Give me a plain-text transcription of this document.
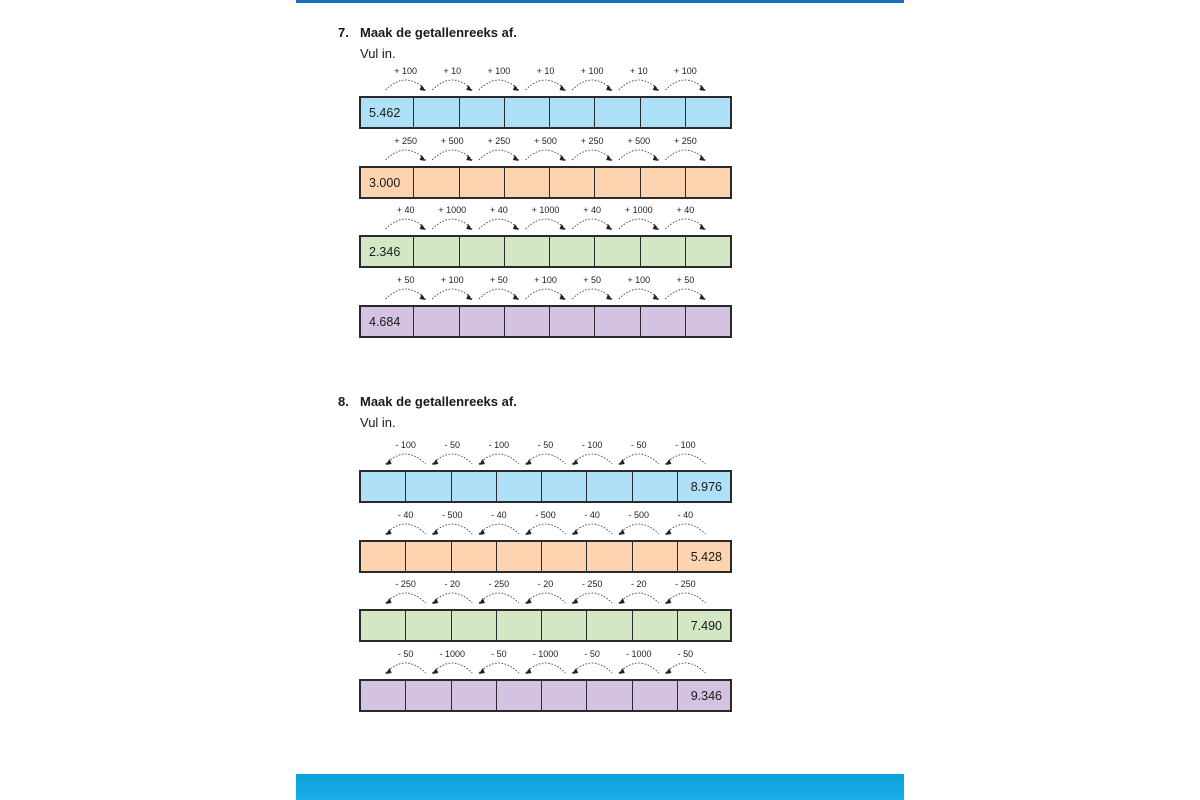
7. Maak de getallenreeks af.
Vul in.
+ 100	+ 10	+ 100	+ 10	+ 100	+ 10	+ 100
5.462
+ 250	+ 500	+ 250	+ 500	+ 250	+ 500	+ 250
3.000
+ 40	+ 1000	+ 40	+ 1000	+ 40	+ 1000	+ 40
2.346
+ 50	+ 100	+ 50	+ 100	+ 50	+ 100	+ 50
4.684
8. Maak de getallenreeks af.
Vul in.
- 100	- 50	- 100	- 50	- 100	- 50	- 100
8.976
- 40	- 500	- 40	- 500	- 40	- 500	- 40
5.428
- 250	- 20	- 250	- 20	- 250	- 20	- 250
7.490
- 50	- 1000	- 50	- 1000	- 50	- 1000	- 50
9.346
Getallen & Getalrelaties D 9
